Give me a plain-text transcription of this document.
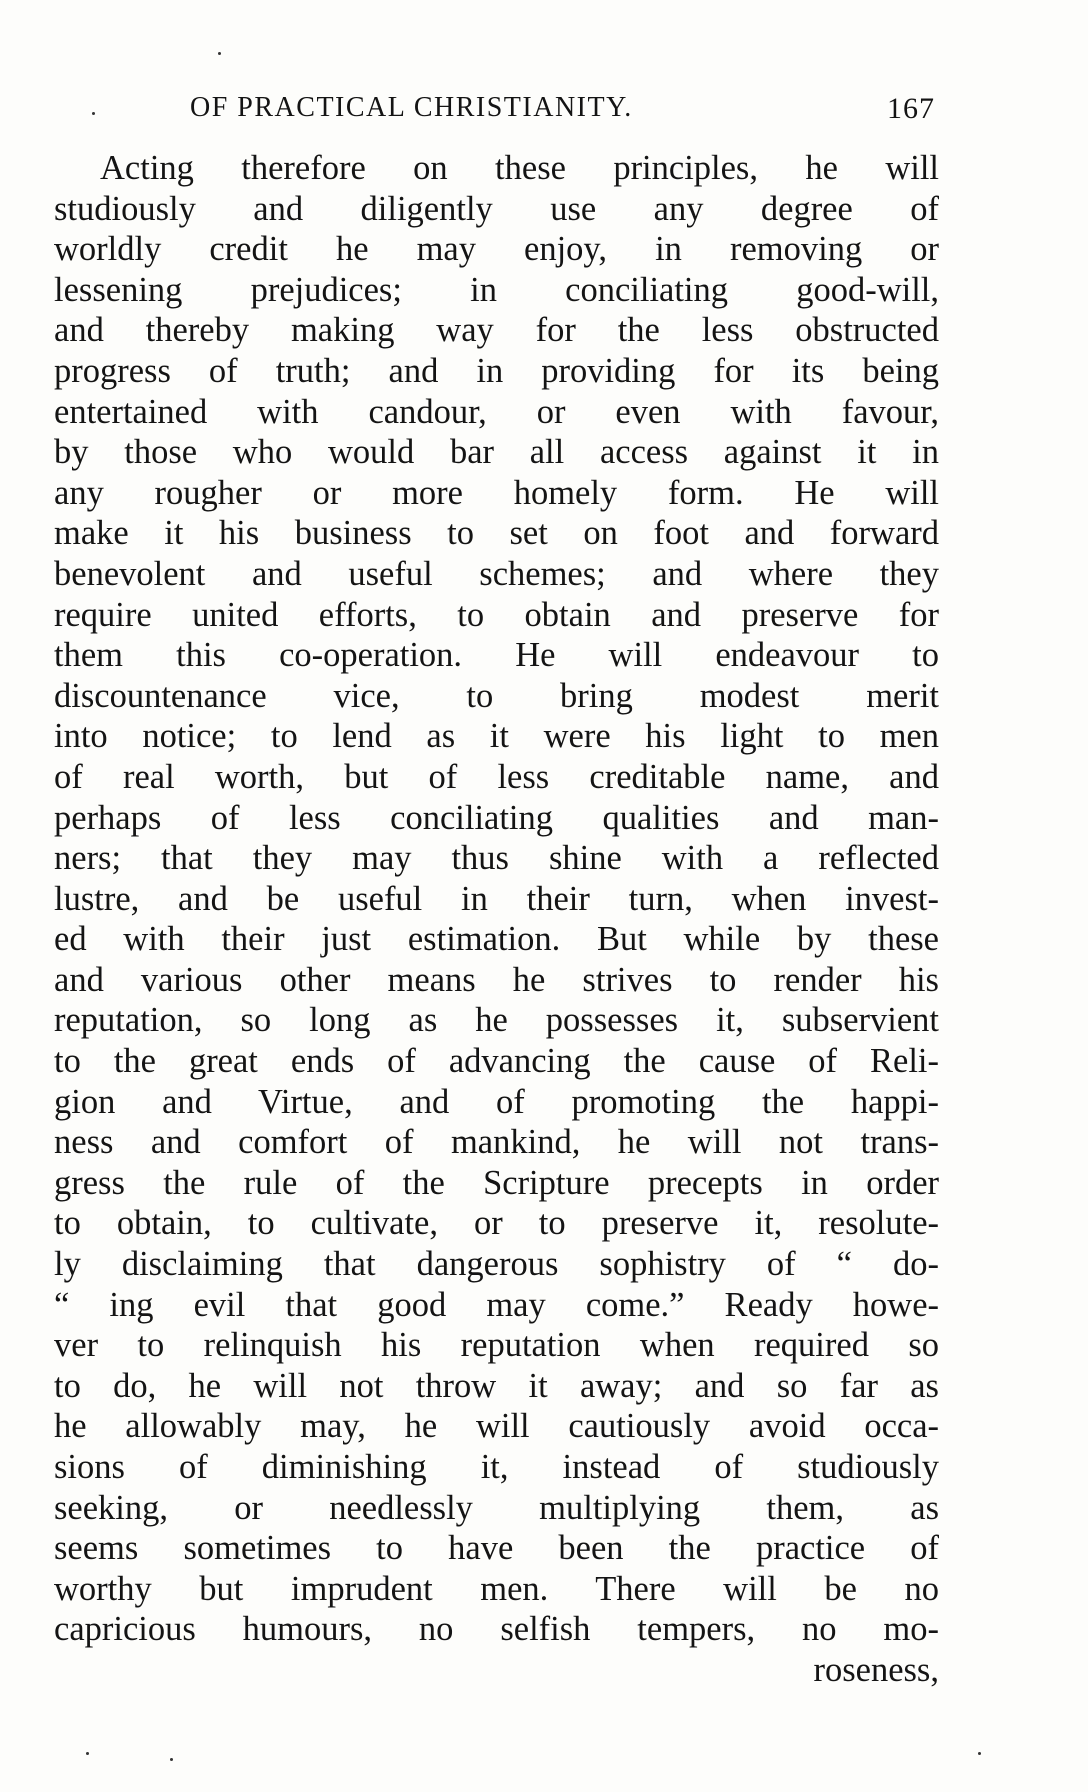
OF PRACTICAL CHRISTIANITY.	167
Acting therefore on these principles, he will
studiously and diligently use any degree of
worldly credit he may enjoy, in removing or
lessening prejudices; in conciliating good-will,
and thereby making way for the less obstructed
progress of truth; and in providing for its being
entertained with candour, or even with favour,
by those who would bar all access against it in
any rougher or more homely form. He will
make it his business to set on foot and forward
benevolent and useful schemes; and where they
require united efforts, to obtain and preserve for
them this co-operation. He will endeavour to
discountenance vice, to bring modest merit
into notice; to lend as it were his light to men
of real worth, but of less creditable name, and
perhaps of less conciliating qualities and man-
ners; that they may thus shine with a reflected
lustre, and be useful in their turn, when invest-
ed with their just estimation. But while by these
and various other means he strives to render his
reputation, so long as he possesses it, subservient
to the great ends of advancing the cause of Reli-
gion and Virtue, and of promoting the happi-
ness and comfort of mankind, he will not trans-
gress the rule of the Scripture precepts in order
to obtain, to cultivate, or to preserve it, resolute-
ly disclaiming that dangerous sophistry of “ do-
“ ing evil that good may come.” Ready howe-
ver to relinquish his reputation when required so
to do, he will not throw it away; and so far as
he allowably may, he will cautiously avoid occa-
sions of diminishing it, instead of studiously
seeking, or needlessly multiplying them, as
seems sometimes to have been the practice of
worthy but imprudent men. There will be no
capricious humours, no selfish tempers, no mo-
roseness,
